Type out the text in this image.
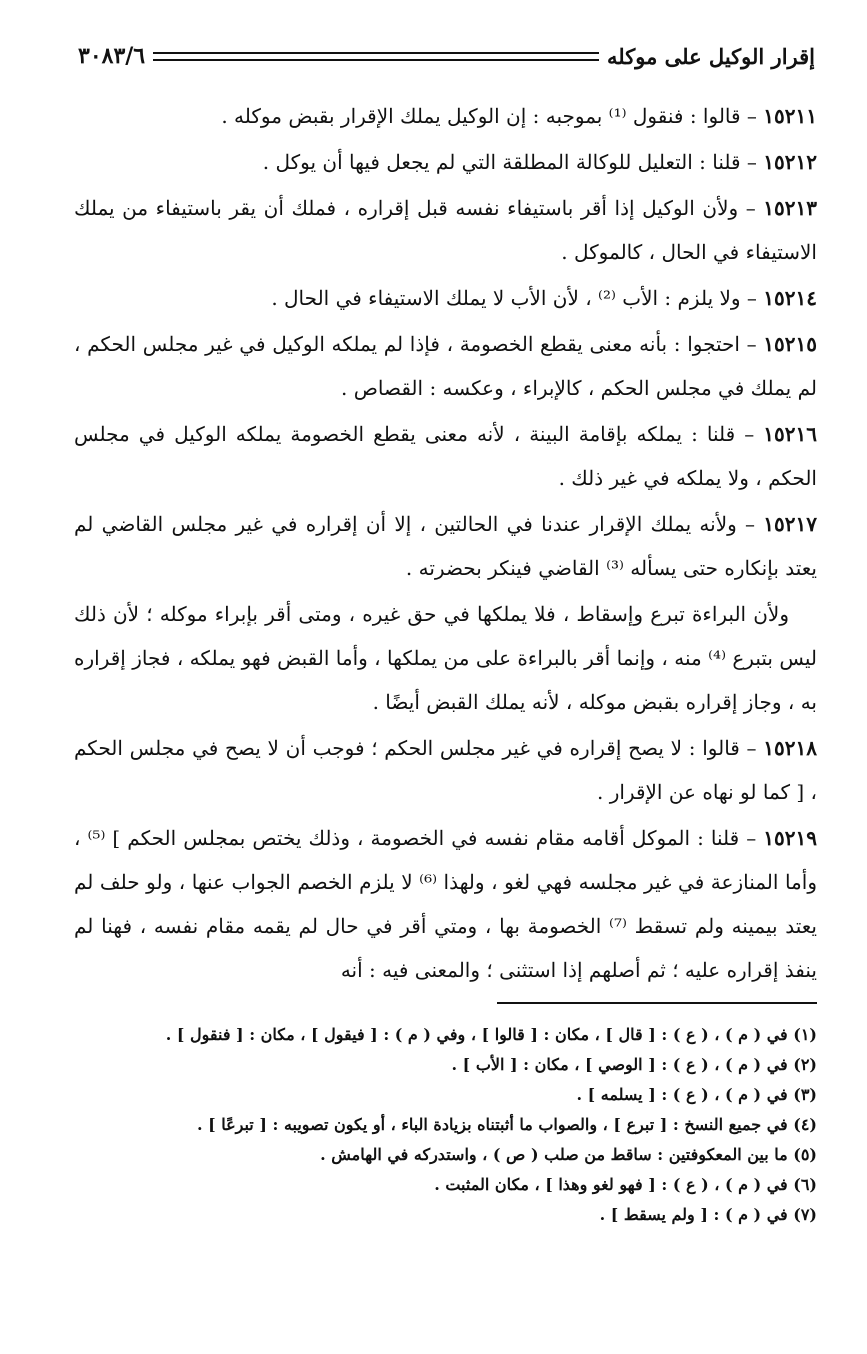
إقرار الوكيل على موكله
٣٠٨٣/٦

١٥٢١١ – قالوا : فنقول ⁽¹⁾ بموجبه : إن الوكيل يملك الإقرار بقبض موكله .

١٥٢١٢ – قلنا : التعليل للوكالة المطلقة التي لم يجعل فيها أن يوكل .

١٥٢١٣ – ولأن الوكيل إذا أقر باستيفاء نفسه قبل إقراره ، فملك أن يقر باستيفاء من يملك الاستيفاء في الحال ، كالموكل .

١٥٢١٤ – ولا يلزم : الأب ⁽²⁾ ، لأن الأب لا يملك الاستيفاء في الحال .

١٥٢١٥ – احتجوا : بأنه معنى يقطع الخصومة ، فإذا لم يملكه الوكيل في غير مجلس الحكم ، لم يملك في مجلس الحكم ، كالإبراء ، وعكسه : القصاص .

١٥٢١٦ – قلنا : يملكه بإقامة البينة ، لأنه معنى يقطع الخصومة يملكه الوكيل في مجلس الحكم ، ولا يملكه في غير ذلك .

١٥٢١٧ – ولأنه يملك الإقرار عندنا في الحالتين ، إلا أن إقراره في غير مجلس القاضي لم يعتد بإنكاره حتى يسأله ⁽³⁾ القاضي فينكر بحضرته .

ولأن البراءة تبرع وإسقاط ، فلا يملكها في حق غيره ، ومتى أقر بإبراء موكله ؛ لأن ذلك ليس بتبرع ⁽⁴⁾ منه ، وإنما أقر بالبراءة على من يملكها ، وأما القبض فهو يملكه ، فجاز إقراره به ، وجاز إقراره بقبض موكله ، لأنه يملك القبض أيضًا .

١٥٢١٨ – قالوا : لا يصح إقراره في غير مجلس الحكم ؛ فوجب أن لا يصح في مجلس الحكم ، [ كما لو نهاه عن الإقرار .

١٥٢١٩ – قلنا : الموكل أقامه مقام نفسه في الخصومة ، وذلك يختص بمجلس الحكم ] ⁽⁵⁾ ، وأما المنازعة في غير مجلسه فهي لغو ، ولهذا ⁽⁶⁾ لا يلزم الخصم الجواب عنها ، ولو حلف لم يعتد بيمينه ولم تسقط ⁽⁷⁾ الخصومة بها ، ومتي أقر في حال لم يقمه مقام نفسه ، فهنا لم ينفذ إقراره عليه ؛ ثم أصلهم إذا استثنى ؛ والمعنى فيه : أنه

(١) في ( م ) ، ( ع ) : [ قال ] ، مكان : [ قالوا ] ، وفي ( م ) : [ فيقول ] ، مكان : [ فنقول ] .
(٢) في ( م ) ، ( ع ) : [ الوصي ] ، مكان : [ الأب ] .
(٣) في ( م ) ، ( ع ) : [ يسلمه ] .
(٤) في جميع النسخ : [ تبرع ] ، والصواب ما أثبتناه بزيادة الباء ، أو يكون تصويبه : [ تبرعًا ] .
(٥) ما بين المعكوفتين : ساقط من صلب ( ص ) ، واستدركه في الهامش .
(٦) في ( م ) ، ( ع ) : [ فهو لغو وهذا ] ، مكان المثبت .
(٧) في ( م ) : [ ولم يسقط ] .
